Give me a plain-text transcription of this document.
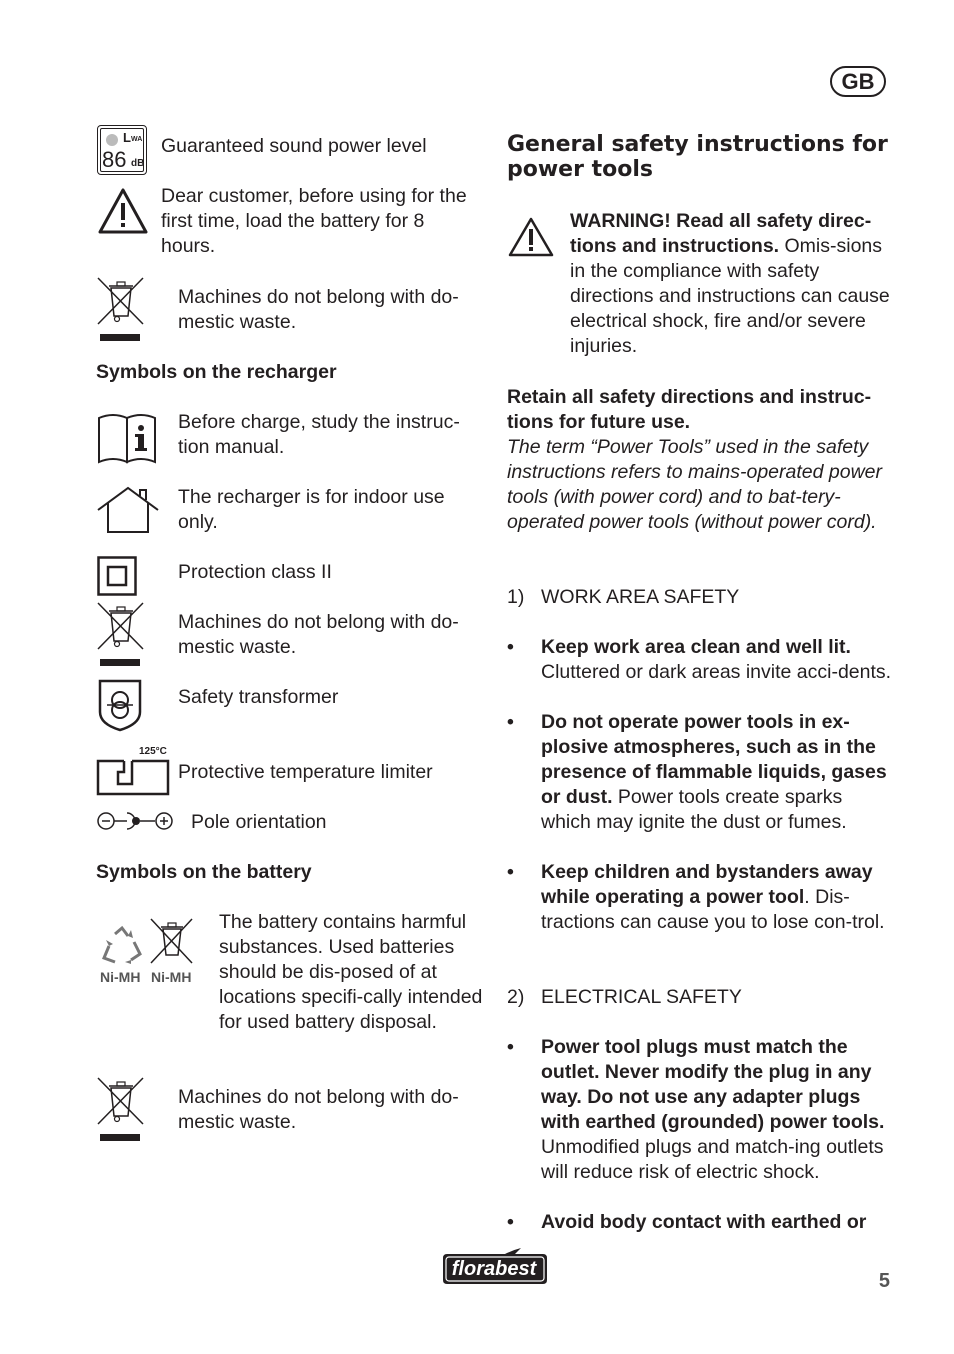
GB
L WA
86 dB
Guaranteed sound power level
Dear customer, before using for the first time, load the battery for 8 hours.
Machines do not belong with do-mestic waste.
Symbols on the recharger
Before charge, study the instruc-tion manual.
The recharger is for indoor use only.
Protection class II
Machines do not belong with do-mestic waste.
Safety transformer
125°C
Protective temperature limiter
Pole orientation
Symbols on the battery
Ni-MH Ni-MH
The battery contains harmful substances. Used batteries should be dis-posed of at locations specifi-cally intended for used battery disposal.
Machines do not belong with do-mestic waste.
General safety instructions for power tools
WARNING! Read all safety direc-tions and instructions. Omis-sions in the compliance with safety directions and instructions can cause electrical shock, fire and/or severe injuries.
Retain all safety directions and instruc-tions for future use.
The term “Power Tools” used in the safety instructions refers to mains-operated power tools (with power cord) and to bat-tery-operated power tools (without power cord).
1) WORK AREA SAFETY
• Keep work area clean and well lit. Cluttered or dark areas invite acci-dents.
• Do not operate power tools in ex-plosive atmospheres, such as in the presence of flammable liquids, gases or dust. Power tools create sparks which may ignite the dust or fumes.
• Keep children and bystanders away while operating a power tool. Dis-tractions can cause you to lose con-trol.
2) ELECTRICAL SAFETY
• Power tool plugs must match the outlet. Never modify the plug in any way. Do not use any adapter plugs with earthed (grounded) power tools. Unmodified plugs and match-ing outlets will reduce risk of electric shock.
• Avoid body contact with earthed or
florabest
5
